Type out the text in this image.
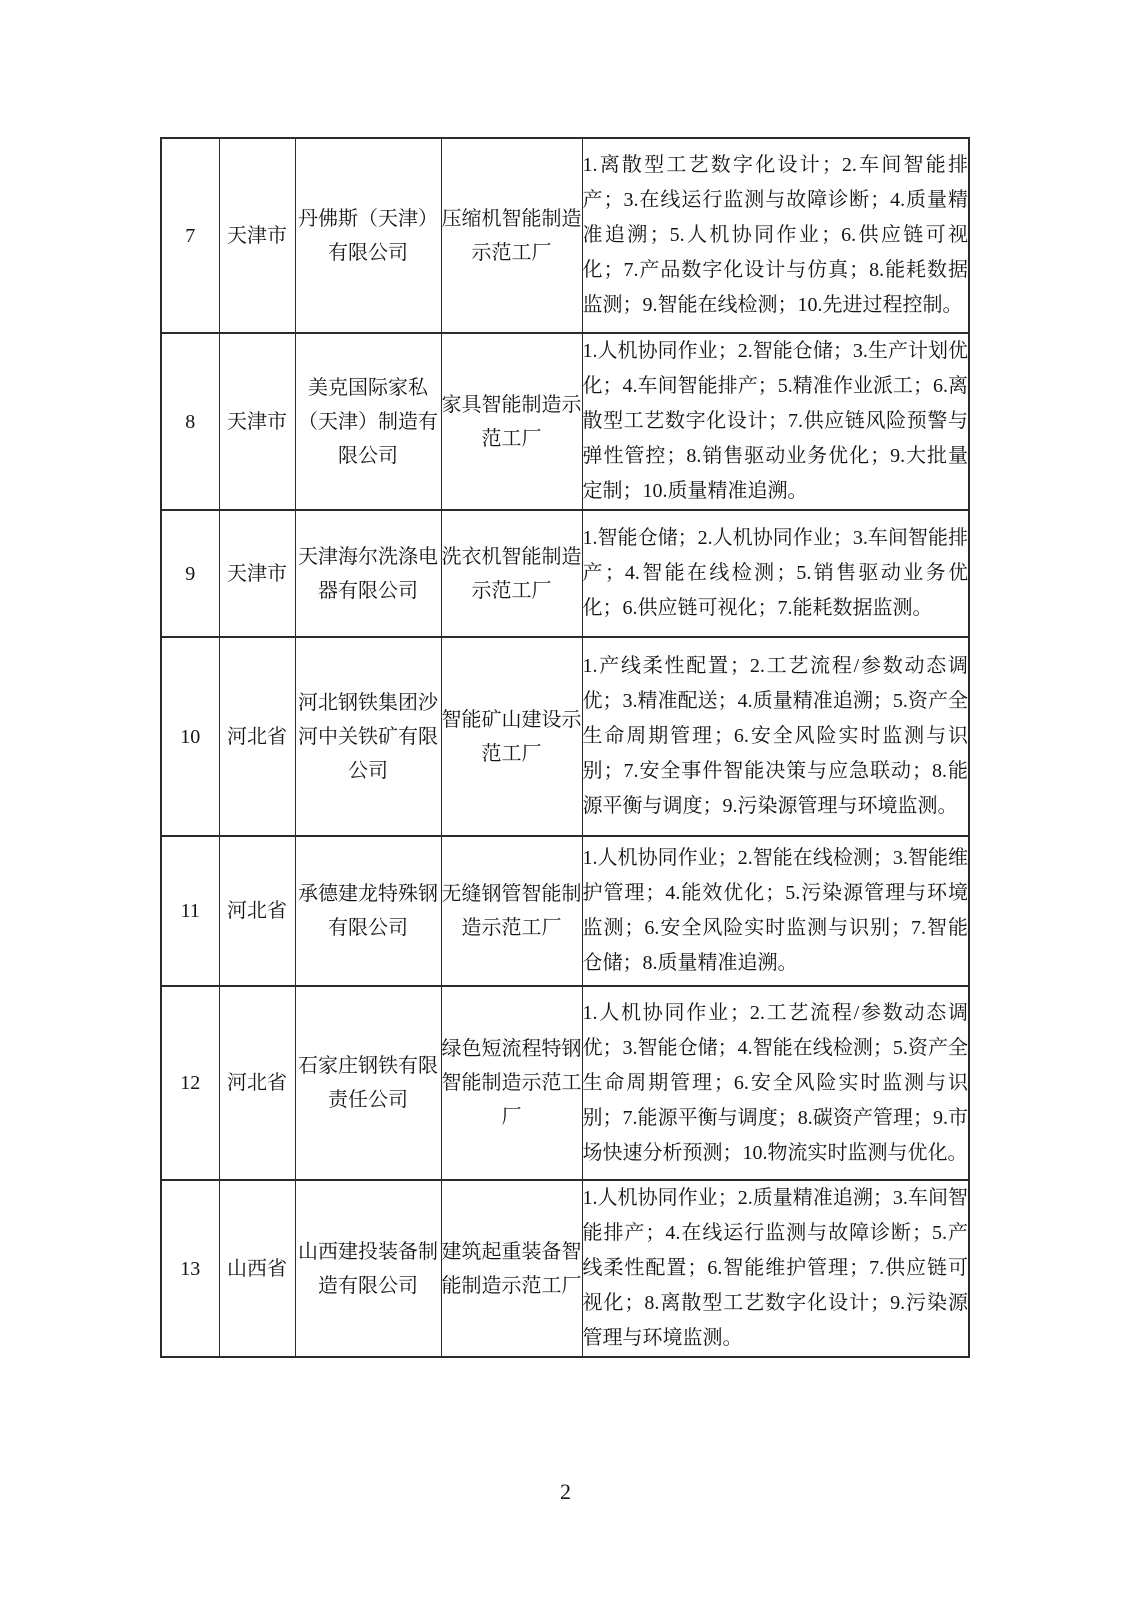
7	天津市	丹佛斯（天津）有限公司	压缩机智能制造示范工厂	1.离散型工艺数字化设计；2.车间智能排产；3.在线运行监测与故障诊断；4.质量精准追溯；5.人机协同作业；6.供应链可视化；7.产品数字化设计与仿真；8.能耗数据监测；9.智能在线检测；10.先进过程控制。
8	天津市	美克国际家私（天津）制造有限公司	家具智能制造示范工厂	1.人机协同作业；2.智能仓储；3.生产计划优化；4.车间智能排产；5.精准作业派工；6.离散型工艺数字化设计；7.供应链风险预警与弹性管控；8.销售驱动业务优化；9.大批量定制；10.质量精准追溯。
9	天津市	天津海尔洗涤电器有限公司	洗衣机智能制造示范工厂	1.智能仓储；2.人机协同作业；3.车间智能排产；4.智能在线检测；5.销售驱动业务优化；6.供应链可视化；7.能耗数据监测。
10	河北省	河北钢铁集团沙河中关铁矿有限公司	智能矿山建设示范工厂	1.产线柔性配置；2.工艺流程/参数动态调优；3.精准配送；4.质量精准追溯；5.资产全生命周期管理；6.安全风险实时监测与识别；7.安全事件智能决策与应急联动；8.能源平衡与调度；9.污染源管理与环境监测。
11	河北省	承德建龙特殊钢有限公司	无缝钢管智能制造示范工厂	1.人机协同作业；2.智能在线检测；3.智能维护管理；4.能效优化；5.污染源管理与环境监测；6.安全风险实时监测与识别；7.智能仓储；8.质量精准追溯。
12	河北省	石家庄钢铁有限责任公司	绿色短流程特钢智能制造示范工厂	1.人机协同作业；2.工艺流程/参数动态调优；3.智能仓储；4.智能在线检测；5.资产全生命周期管理；6.安全风险实时监测与识别；7.能源平衡与调度；8.碳资产管理；9.市场快速分析预测；10.物流实时监测与优化。
13	山西省	山西建投装备制造有限公司	建筑起重装备智能制造示范工厂	1.人机协同作业；2.质量精准追溯；3.车间智能排产；4.在线运行监测与故障诊断；5.产线柔性配置；6.智能维护管理；7.供应链可视化；8.离散型工艺数字化设计；9.污染源管理与环境监测。
2
